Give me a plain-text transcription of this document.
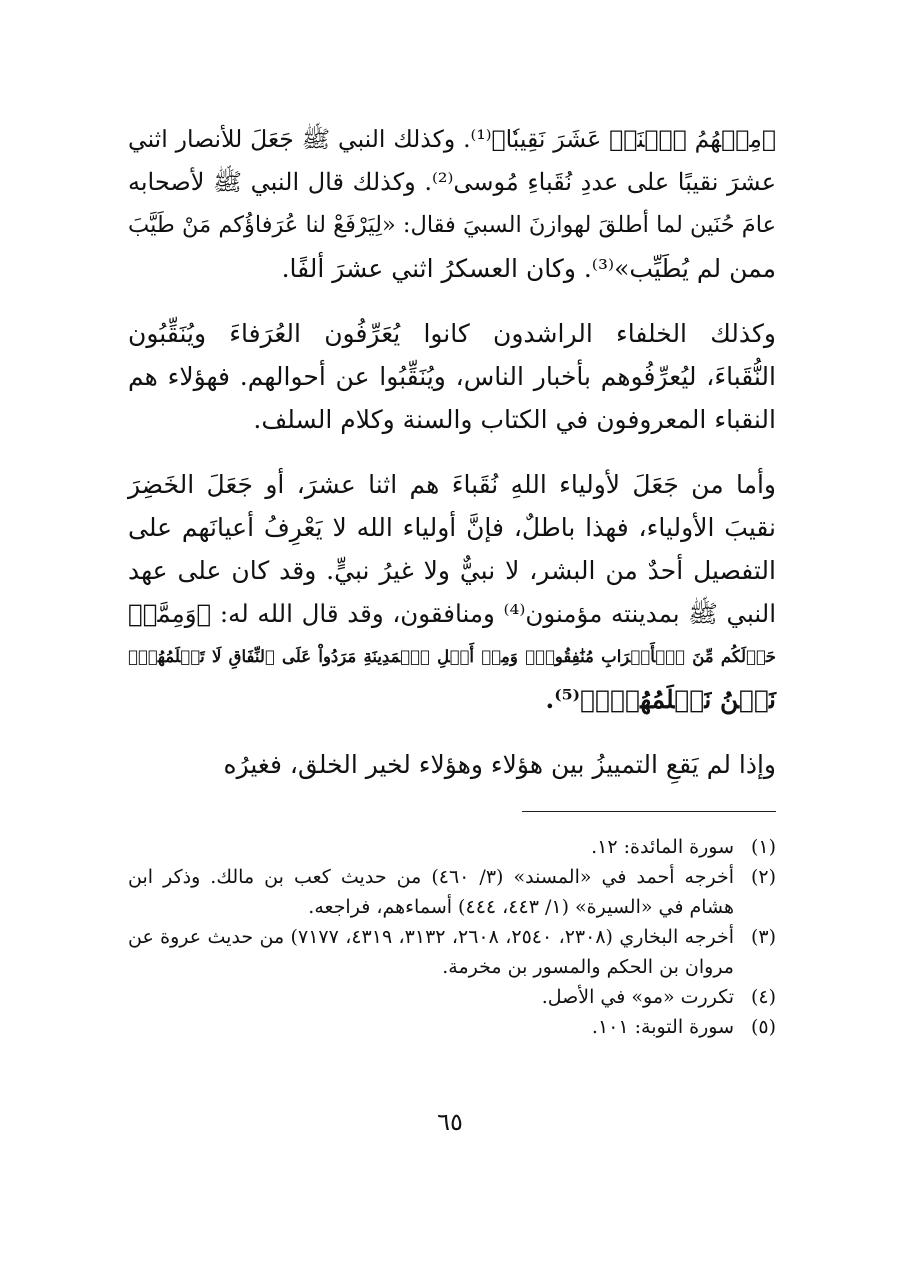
﴿مِنۡهُمُ ٱثۡنَىۡ عَشَرَ نَقِيبٗا﴾⁽¹⁾. وكذلك النبي ﷺ جَعَلَ للأنصار اثني
عشرَ نقيبًا على عددِ نُقَباءِ مُوسى⁽²⁾. وكذلك قال النبي ﷺ لأصحابه
عامَ حُنَين لما أطلقَ لهوازنَ السبيَ فقال: «لِيَرْفَعْ لنا عُرَفاؤُكم مَنْ طَيَّبَ
ممن لم يُطَيِّب»⁽³⁾. وكان العسكرُ اثني عشرَ ألفًا.

وكذلك الخلفاء الراشدون كانوا يُعَرِّفُون العُرَفاءَ ويُنَقِّبُون
النُّقَباءَ، ليُعرِّفُوهم بأخبار الناس، ويُنَقِّبُوا عن أحوالهم. فهؤلاء هم
النقباء المعروفون في الكتاب والسنة وكلام السلف.

وأما من جَعَلَ لأولياء اللهِ نُقَباءَ هم اثنا عشرَ، أو جَعَلَ الخَضِرَ
نقيبَ الأولياء، فهذا باطلٌ، فإنَّ أولياء الله لا يَعْرِفُ أعيانَهم على
التفصيل أحدٌ من البشر، لا نبيٌّ ولا غيرُ نبيٍّ. وقد كان على عهد
النبي ﷺ بمدينته مؤمنون⁽⁴⁾ ومنافقون، وقد قال الله له: ﴿وَمِمَّنۡ
حَوۡلَكُم مِّنَ ٱلۡأَعۡرَابِ مُنَٰفِقُونَۖ وَمِنۡ أَهۡلِ ٱلۡمَدِينَةِ مَرَدُواْ عَلَى ٱلنِّفَاقِ لَا تَعۡلَمُهُمۡۖ
نَحۡنُ نَعۡلَمُهُمۡۚ﴾⁽⁵⁾.

وإذا لم يَقعِ التمييزُ بين هؤلاء وهؤلاء لخير الخلق، فغيرُه

(١)
سورة المائدة: ١٢.
(٢)
أخرجه أحمد في «المسند» (٣/ ٤٦٠) من حديث كعب بن مالك. وذكر ابن هشام في «السيرة» (١/ ٤٤٣، ٤٤٤) أسماءهم، فراجعه.
(٣)
أخرجه البخاري (٢٣٠٨، ٢٥٤٠، ٢٦٠٨، ٣١٣٢، ٤٣١٩، ٧١٧٧) من حديث عروة عن مروان بن الحكم والمسور بن مخرمة.
(٤)
تكررت «مو» في الأصل.
(٥)
سورة التوبة: ١٠١.
٦٥
